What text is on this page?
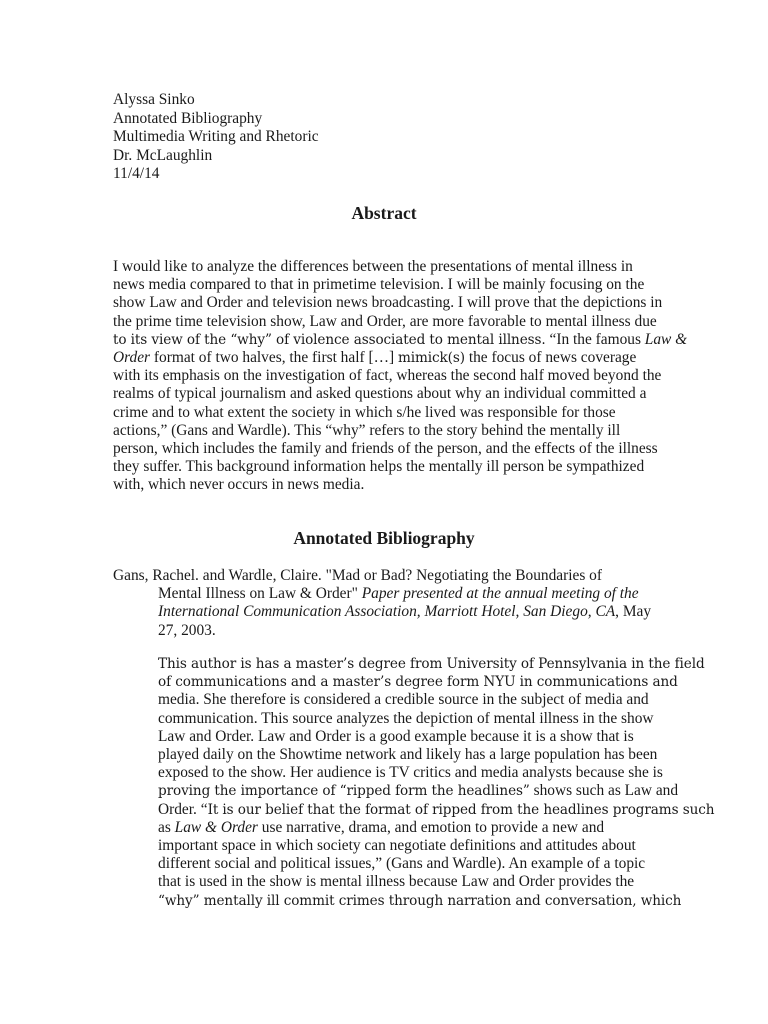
Alyssa Sinko
Annotated Bibliography
Multimedia Writing and Rhetoric
Dr. McLaughlin
11/4/14
Abstract
I would like to analyze the differences between the presentations of mental illness in
news media compared to that in primetime television. I will be mainly focusing on the
show Law and Order and television news broadcasting. I will prove that the depictions in
the prime time television show, Law and Order, are more favorable to mental illness due
to its view of the “why” of violence associated to mental illness. “In the famous Law &
Order format of two halves, the first half […] mimick(s) the focus of news coverage
with its emphasis on the investigation of fact, whereas the second half moved beyond the
realms of typical journalism and asked questions about why an individual committed a
crime and to what extent the society in which s/he lived was responsible for those
actions,” (Gans and Wardle). This “why” refers to the story behind the mentally ill
person, which includes the family and friends of the person, and the effects of the illness
they suffer. This background information helps the mentally ill person be sympathized
with, which never occurs in news media.
Annotated Bibliography
Gans, Rachel. and Wardle, Claire. "Mad or Bad? Negotiating the Boundaries of
Mental Illness on Law & Order" Paper presented at the annual meeting of the
International Communication Association, Marriott Hotel, San Diego, CA, May
27, 2003.
This author is has a master’s degree from University of Pennsylvania in the field
of communications and a master’s degree form NYU in communications and
media. She therefore is considered a credible source in the subject of media and
communication. This source analyzes the depiction of mental illness in the show
Law and Order. Law and Order is a good example because it is a show that is
played daily on the Showtime network and likely has a large population has been
exposed to the show. Her audience is TV critics and media analysts because she is
proving the importance of “ripped form the headlines” shows such as Law and
Order. “It is our belief that the format of ripped from the headlines programs such
as Law & Order use narrative, drama, and emotion to provide a new and
important space in which society can negotiate definitions and attitudes about
different social and political issues,” (Gans and Wardle). An example of a topic
that is used in the show is mental illness because Law and Order provides the
“why” mentally ill commit crimes through narration and conversation, which
